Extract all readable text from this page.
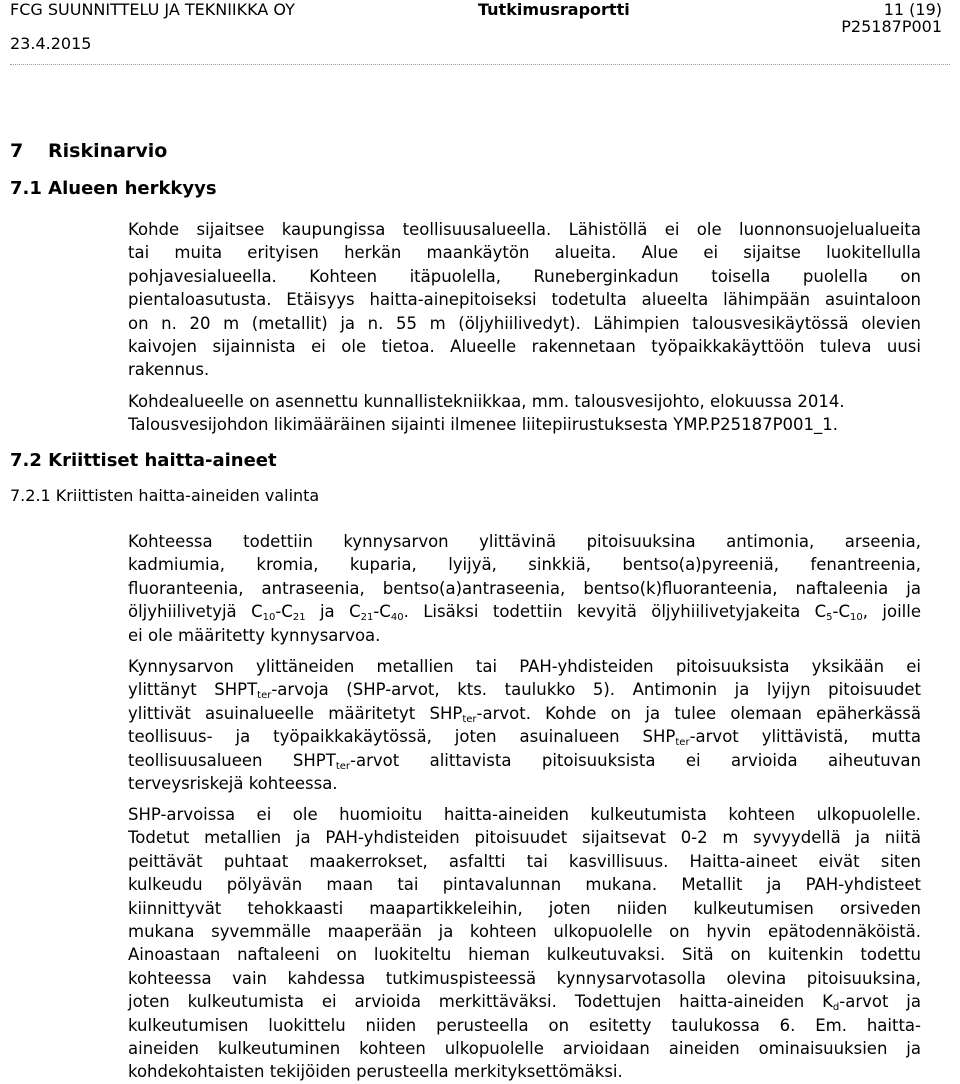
FCG SUUNNITTELU JA TEKNIIKKA OY	Tutkimusraportti	11 (19)
23.4.2015
P25187P001
7 Riskinarvio
7.1 Alueen herkkyys
7.2 Kriittiset haitta-aineet
7.2.1 Kriittisten haitta-aineiden valinta
Kohde sijaitsee kaupungissa teollisuusalueella. Lähistöllä ei ole luonnonsuojelualueita
tai muita erityisen herkän maankäytön alueita. Alue ei sijaitse luokitellulla
pohjavesialueella. Kohteen itäpuolella, Runeberginkadun toisella puolella on
pientaloasutusta. Etäisyys haitta-ainepitoiseksi todetulta alueelta lähimpään asuintaloon
on n. 20 m (metallit) ja n. 55 m (öljyhiilivedyt). Lähimpien talousvesikäytössä olevien
kaivojen sijainnista ei ole tietoa. Alueelle rakennetaan työpaikkakäyttöön tuleva uusi
rakennus.
Kohdealueelle on asennettu kunnallistekniikkaa, mm. talousvesijohto, elokuussa 2014.
Talousvesijohdon likimääräinen sijainti ilmenee liitepiirustuksesta YMP.P25187P001_1.
Kohteessa todettiin kynnysarvon ylittävinä pitoisuuksina antimonia, arseenia,
kadmiumia, kromia, kuparia, lyijyä, sinkkiä, bentso(a)pyreeniä, fenantreenia,
fluoranteenia, antraseenia, bentso(a)antraseenia, bentso(k)fluoranteenia, naftaleenia ja
öljyhiilivetyjä $C_{10}-C_{21}$ ja $C_{21}-C_{40}$. Lisäksi todettiin kevyitä öljyhiilivetyjakeita $C_5-C_{10}$, joille
ei ole määritetty kynnysarvoa.
Kynnysarvon ylittäneiden metallien tai PAH-yhdisteiden pitoisuuksista yksikään ei
ylittänyt $SHPT_{ter}$-arvoja (SHP-arvot, kts. taulukko 5). Antimonin ja lyijyn pitoisuudet
ylittivät asuinalueelle määritetyt $SHP_{ter}$-arvot. Kohde on ja tulee olemaan epäherkässä
teollisuus- ja työpaikkakäytössä, joten asuinalueen $SHP_{ter}$-arvot ylittävistä, mutta
teollisuusalueen $SHPT_{ter}$-arvot alittavista pitoisuuksista ei arvioida aiheutuvan
terveysriskejä kohteessa.
SHP-arvoissa ei ole huomioitu haitta-aineiden kulkeutumista kohteen ulkopuolelle.
Todetut metallien ja PAH-yhdisteiden pitoisuudet sijaitsevat 0-2 m syvyydellä ja niitä
peittävät puhtaat maakerrokset, asfaltti tai kasvillisuus. Haitta-aineet eivät siten
kulkeudu pölyävän maan tai pintavalunnan mukana. Metallit ja PAH-yhdisteet
kiinnittyvät tehokkaasti maapartikkeleihin, joten niiden kulkeutumisen orsiveden
mukana syvemmälle maaperään ja kohteen ulkopuolelle on hyvin epätodennäköistä.
Ainoastaan naftaleeni on luokiteltu hieman kulkeutuvaksi. Sitä on kuitenkin todettu
kohteessa vain kahdessa tutkimuspisteessä kynnysarvotasolla olevina pitoisuuksina,
joten kulkeutumista ei arvioida merkittäväksi. Todettujen haitta-aineiden $K_d$-arvot ja
kulkeutumisen luokittelu niiden perusteella on esitetty taulukossa 6. Em. haitta-
aineiden kulkeutuminen kohteen ulkopuolelle arvioidaan aineiden ominaisuuksien ja
kohdekohtaisten tekijöiden perusteella merkityksettömäksi.
